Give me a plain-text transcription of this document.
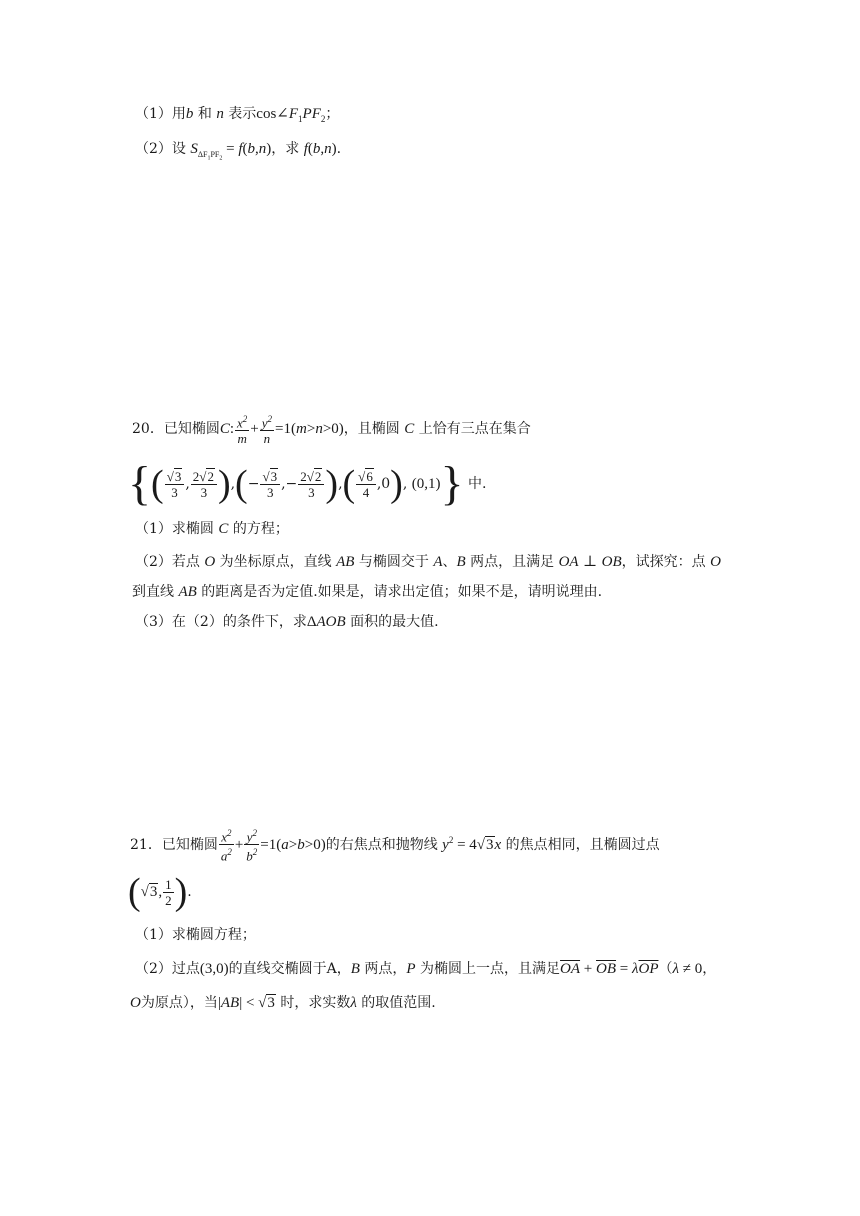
（1）用b 和 n 表示$\cos\angle F_1PF_2$；
（2）设 $S_{\Delta F_1PF_2} = f(b,n)$，求 f(b,n).
20．已知椭圆C: $\frac{x^2}{m} + \frac{y^2}{n} =1(m>n>0)$，且椭圆 C 上恰有三点在集合
{( $\frac{√3}{3}$ , $\frac{2√2}{3}$ ),(− $\frac{√3}{3}$ ,− $\frac{2√2}{3}$ ),( $\frac{√6}{4} ,0$), (0,1)} 中.
（1）求椭圆 C 的方程；
（2）若点 O 为坐标原点，直线 AB 与椭圆交于 A、B 两点，且满足 OA ⊥ OB，试探究：点 O
到直线 AB 的距离是否为定值.如果是，请求出定值；如果不是，请明说理由.
（3）在（2）的条件下，求ΔAOB 面积的最大值.
21．已知椭圆 $\frac{x^2}{a^2} + \frac{y^2}{b^2} =1(a>b>0)$的右焦点和抛物线 $y^2 = 4√3x$ 的焦点相同，且椭圆过点
(√3, $\frac{1}{2}$ ).
（1）求椭圆方程；
（2）过点(3,0)的直线交椭圆于A，B 两点，P 为椭圆上一点，且满足$\overline{OA} + \overline{OB} = \lambda\overline{OP}(\lambda \ne 0$，
O为原点），当|AB| < √3 时，求实数λ 的取值范围.
